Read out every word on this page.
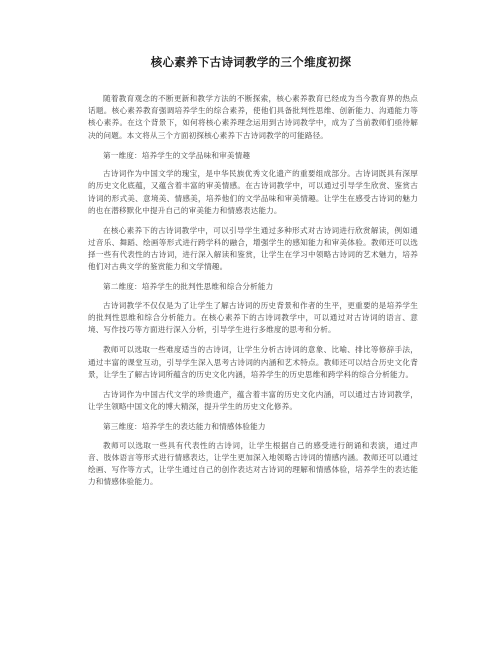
核心素养下古诗词教学的三个维度初探

随着教育观念的不断更新和教学方法的不断探索，核心素养教育已经成为当今教育界的热点话题。核心素养教育强调培养学生的综合素养，使他们具备批判性思维、创新能力、沟通能力等核心素养。在这个背景下，如何将核心素养理念运用到古诗词教学中，成为了当前教师们亟待解决的问题。本文将从三个方面初探核心素养下古诗词教学的可能路径。

第一维度：培养学生的文学品味和审美情趣

古诗词作为中国文学的瑰宝，是中华民族优秀文化遗产的重要组成部分。古诗词既具有深厚的历史文化底蕴，又蕴含着丰富的审美情感。在古诗词教学中，可以通过引导学生欣赏、鉴赏古诗词的形式美、意境美、情感美，培养他们的文学品味和审美情趣。让学生在感受古诗词的魅力的也在潜移默化中提升自己的审美能力和情感表达能力。

在核心素养下的古诗词教学中，可以引导学生通过多种形式对古诗词进行欣赏解读，例如通过音乐、舞蹈、绘画等形式进行跨学科的融合，增强学生的感知能力和审美体验。教师还可以选择一些有代表性的古诗词，进行深入解读和鉴赏，让学生在学习中领略古诗词的艺术魅力，培养他们对古典文学的鉴赏能力和文学情趣。

第二维度：培养学生的批判性思维和综合分析能力

古诗词教学不仅仅是为了让学生了解古诗词的历史背景和作者的生平，更重要的是培养学生的批判性思维和综合分析能力。在核心素养下的古诗词教学中，可以通过对古诗词的语言、意境、写作技巧等方面进行深入分析，引导学生进行多维度的思考和分析。

教师可以选取一些难度适当的古诗词，让学生分析古诗词的意象、比喻、排比等修辞手法，通过丰富的课堂互动，引导学生深入思考古诗词的内涵和艺术特点。教师还可以结合历史文化背景，让学生了解古诗词所蕴含的历史文化内涵，培养学生的历史思维和跨学科的综合分析能力。

古诗词作为中国古代文学的珍贵遗产，蕴含着丰富的历史文化内涵，可以通过古诗词教学，让学生领略中国文化的博大精深，提升学生的历史文化修养。

第三维度：培养学生的表达能力和情感体验能力

教师可以选取一些具有代表性的古诗词，让学生根据自己的感受进行朗诵和表演，通过声音、肢体语言等形式进行情感表达，让学生更加深入地领略古诗词的情感内涵。教师还可以通过绘画、写作等方式，让学生通过自己的创作表达对古诗词的理解和情感体验，培养学生的表达能力和情感体验能力。
